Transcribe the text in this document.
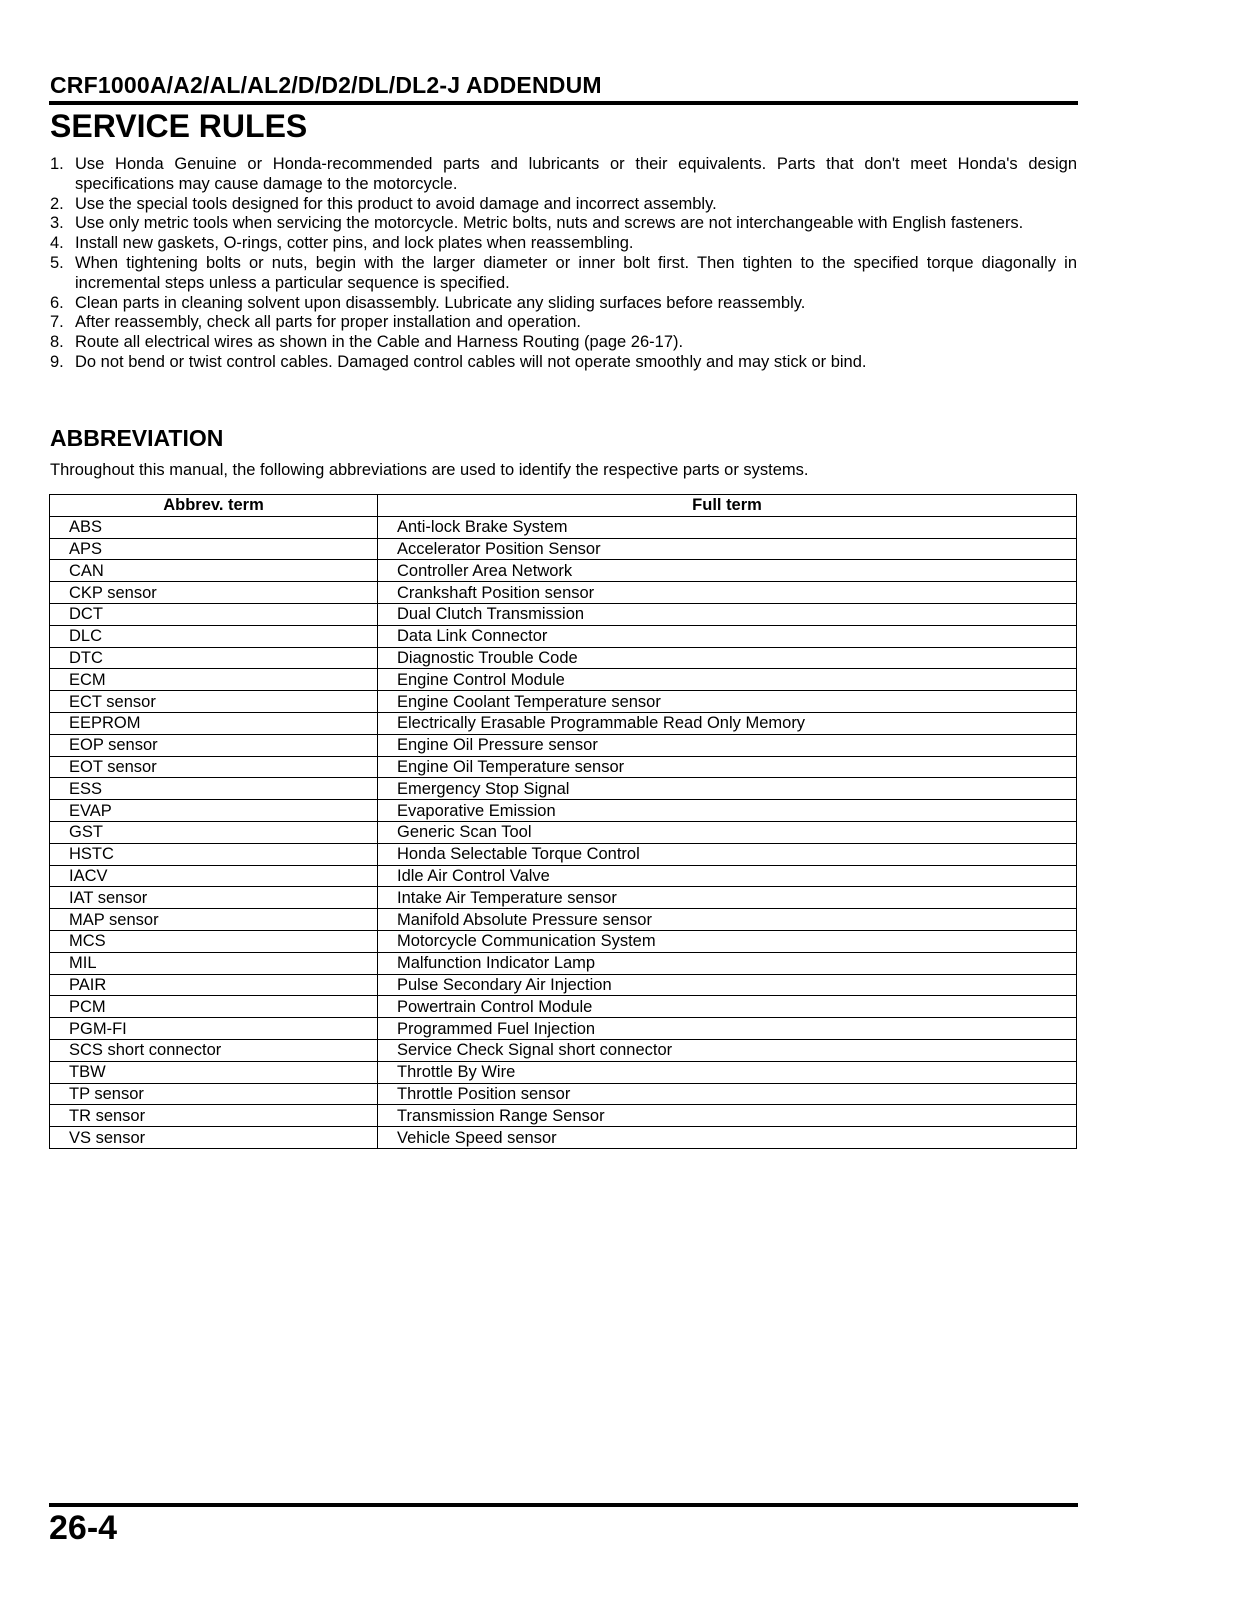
CRF1000A/A2/AL/AL2/D/D2/DL/DL2-J ADDENDUM
SERVICE RULES
1. Use Honda Genuine or Honda-recommended parts and lubricants or their equivalents. Parts that don't meet Honda's design specifications may cause damage to the motorcycle.
2. Use the special tools designed for this product to avoid damage and incorrect assembly.
3. Use only metric tools when servicing the motorcycle. Metric bolts, nuts and screws are not interchangeable with English fasteners.
4. Install new gaskets, O-rings, cotter pins, and lock plates when reassembling.
5. When tightening bolts or nuts, begin with the larger diameter or inner bolt first. Then tighten to the specified torque diagonally in incremental steps unless a particular sequence is specified.
6. Clean parts in cleaning solvent upon disassembly. Lubricate any sliding surfaces before reassembly.
7. After reassembly, check all parts for proper installation and operation.
8. Route all electrical wires as shown in the Cable and Harness Routing (page 26-17).
9. Do not bend or twist control cables. Damaged control cables will not operate smoothly and may stick or bind.
ABBREVIATION
Throughout this manual, the following abbreviations are used to identify the respective parts or systems.
Abbrev. term	Full term
ABS	Anti-lock Brake System
APS	Accelerator Position Sensor
CAN	Controller Area Network
CKP sensor	Crankshaft Position sensor
DCT	Dual Clutch Transmission
DLC	Data Link Connector
DTC	Diagnostic Trouble Code
ECM	Engine Control Module
ECT sensor	Engine Coolant Temperature sensor
EEPROM	Electrically Erasable Programmable Read Only Memory
EOP sensor	Engine Oil Pressure sensor
EOT sensor	Engine Oil Temperature sensor
ESS	Emergency Stop Signal
EVAP	Evaporative Emission
GST	Generic Scan Tool
HSTC	Honda Selectable Torque Control
IACV	Idle Air Control Valve
IAT sensor	Intake Air Temperature sensor
MAP sensor	Manifold Absolute Pressure sensor
MCS	Motorcycle Communication System
MIL	Malfunction Indicator Lamp
PAIR	Pulse Secondary Air Injection
PCM	Powertrain Control Module
PGM-FI	Programmed Fuel Injection
SCS short connector	Service Check Signal short connector
TBW	Throttle By Wire
TP sensor	Throttle Position sensor
TR sensor	Transmission Range Sensor
VS sensor	Vehicle Speed sensor
26-4
